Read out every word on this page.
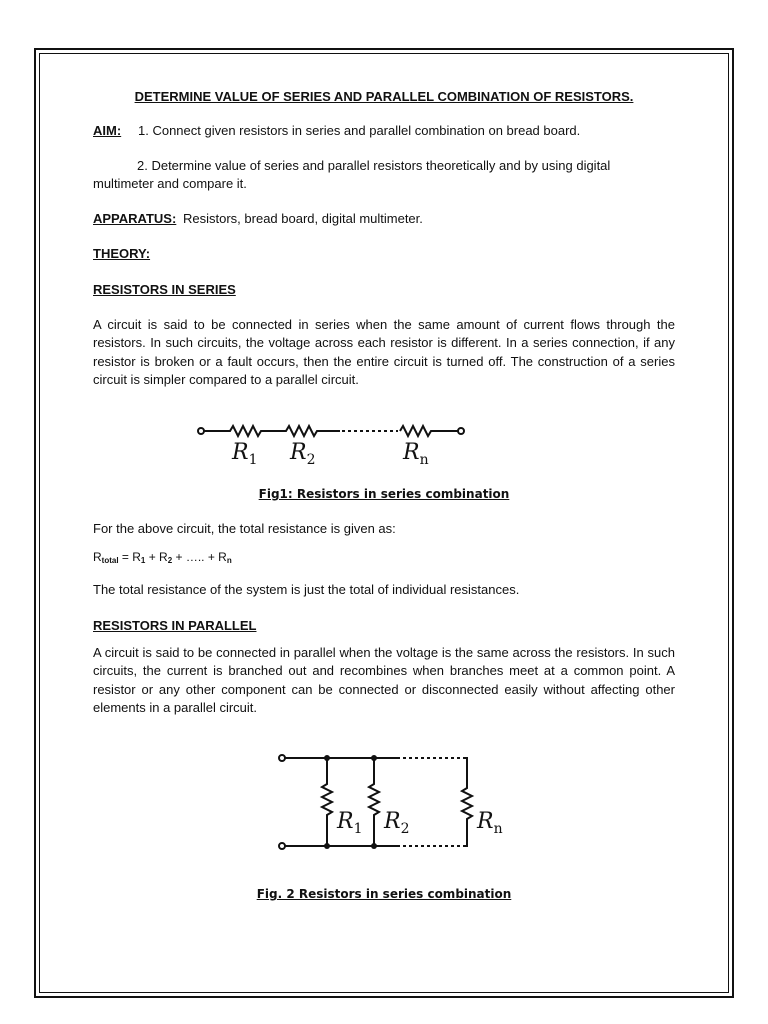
DETERMINE VALUE OF SERIES AND PARALLEL COMBINATION OF RESISTORS.
AIM: 1. Connect given resistors in series and parallel combination on bread board.
2. Determine value of series and parallel resistors theoretically and by using digital
multimeter and compare it.
APPARATUS: Resistors, bread board, digital multimeter.
THEORY:
RESISTORS IN SERIES
A circuit is said to be connected in series when the same amount of current flows through the resistors. In such circuits, the voltage across each resistor is different. In a series connection, if any resistor is broken or a fault occurs, then the entire circuit is turned off. The construction of a series circuit is simpler compared to a parallel circuit.
$R_1$ $R_2$	$R_n$
Fig1: Resistors in series combination
For the above circuit, the total resistance is given as:
$R_{total} = R_1 + R_2$ + ….. + $R_n$
The total resistance of the system is just the total of individual resistances.
RESISTORS IN PARALLEL
A circuit is said to be connected in parallel when the voltage is the same across the resistors. In such circuits, the current is branched out and recombines when branches meet at a common point. A resistor or any other component can be connected or disconnected easily without affecting other elements in a parallel circuit.
$R_1$ $R_2$	$R_n$
Fig. 2 Resistors in series combination
